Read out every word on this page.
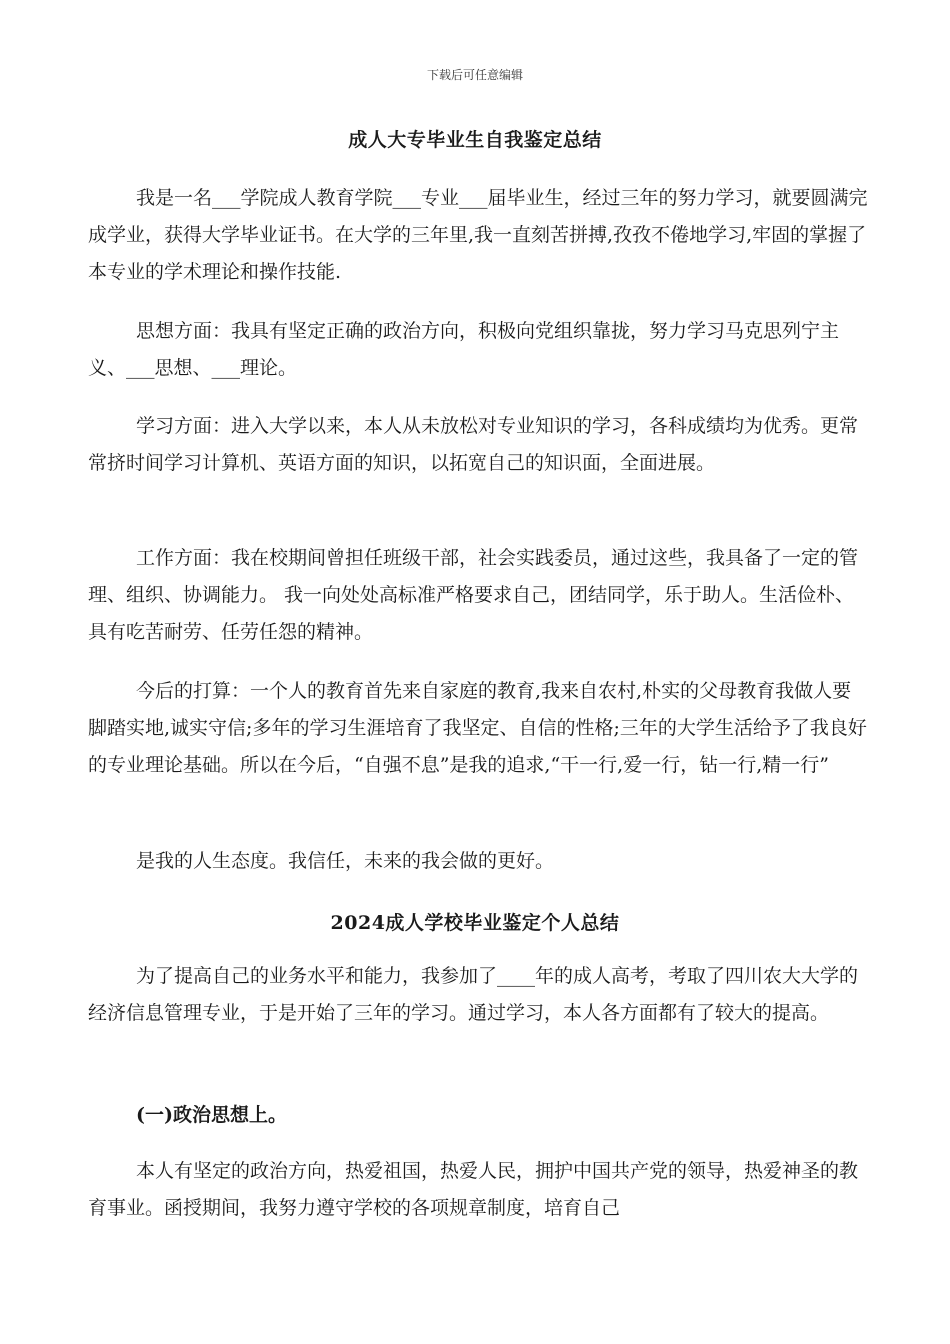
下载后可任意编辑
成人大专毕业生自我鉴定总结

我是一名___学院成人教育学院___专业___届毕业生，经过三年的努力学习，就要圆满完成学业，获得大学毕业证书。在大学的三年里,我一直刻苦拼搏,孜孜不倦地学习,牢固的掌握了本专业的学术理论和操作技能.

思想方面：我具有坚定正确的政治方向，积极向党组织靠拢，努力学习马克思列宁主义、___思想、___理论。

学习方面：进入大学以来，本人从未放松对专业知识的学习，各科成绩均为优秀。更常常挤时间学习计算机、英语方面的知识，以拓宽自己的知识面，全面进展。

工作方面：我在校期间曾担任班级干部，社会实践委员，通过这些，我具备了一定的管理、组织、协调能力。 我一向处处高标准严格要求自己，团结同学，乐于助人。生活俭朴、具有吃苦耐劳、任劳任怨的精神。

今后的打算：一个人的教育首先来自家庭的教育,我来自农村,朴实的父母教育我做人要脚踏实地,诚实守信;多年的学习生涯培育了我坚定、自信的性格;三年的大学生活给予了我良好的专业理论基础。所以在今后，“自强不息”是我的追求,“干一行,爱一行，钻一行,精一行”

是我的人生态度。我信任，未来的我会做的更好。

2024成人学校毕业鉴定个人总结

为了提高自己的业务水平和能力，我参加了____年的成人高考，考取了四川农大大学的经济信息管理专业，于是开始了三年的学习。通过学习，本人各方面都有了较大的提高。

(一)政治思想上。

本人有坚定的政治方向，热爱祖国，热爱人民，拥护中国共产党的领导，热爱神圣的教育事业。函授期间，我努力遵守学校的各项规章制度，培育自己
